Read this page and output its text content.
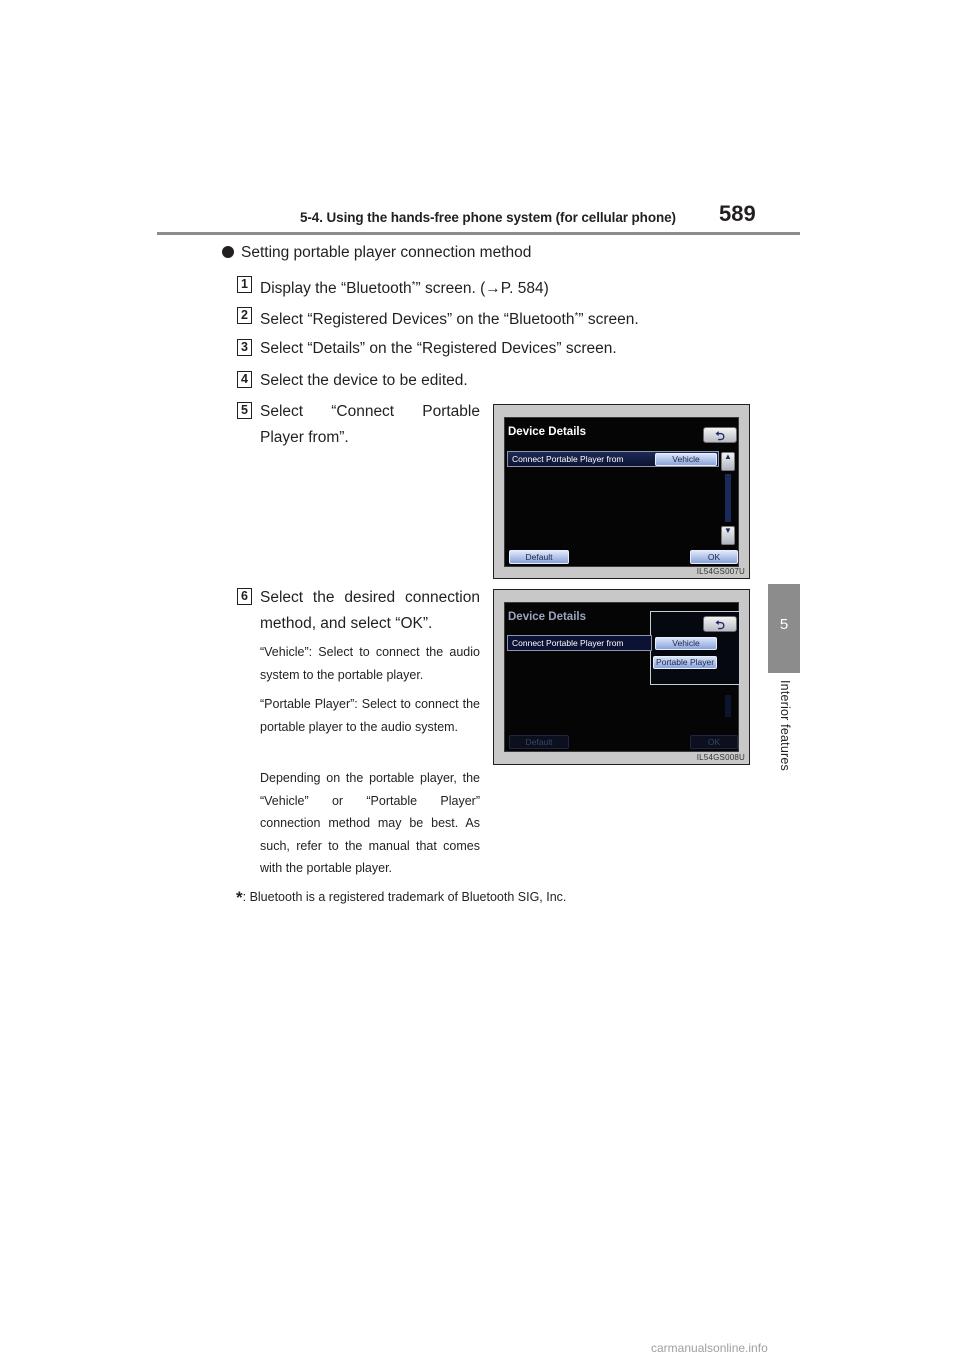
5-4. Using the hands-free phone system (for cellular phone) 589
5
Interior features
Setting portable player connection method
1 Display the “Bluetooth*” screen. (→P. 584)
2 Select “Registered Devices” on the “Bluetooth*” screen.
3 Select “Details” on the “Registered Devices” screen.
4 Select the device to be edited.
5 Select “Connect Portable Player from”.	Device Details	⮌
Connect Portable Player from	Vehicle	▲
▼
Default	OK
IL54GS007U
6 Select the desired connection method, and select “OK”.
“Vehicle”: Select to connect the audio system to the portable player.
“Portable Player”: Select to connect the portable player to the audio system.
Depending on the portable player, the “Vehicle” or “Portable Player” connection method may be best. As such, refer to the manual that comes with the portable player.
Device Details
⮌
Connect Portable Player from	Vehicle
Portable Player
Default	OK
IL54GS008U
*: Bluetooth is a registered trademark of Bluetooth SIG, Inc.
carmanualsonline.info
